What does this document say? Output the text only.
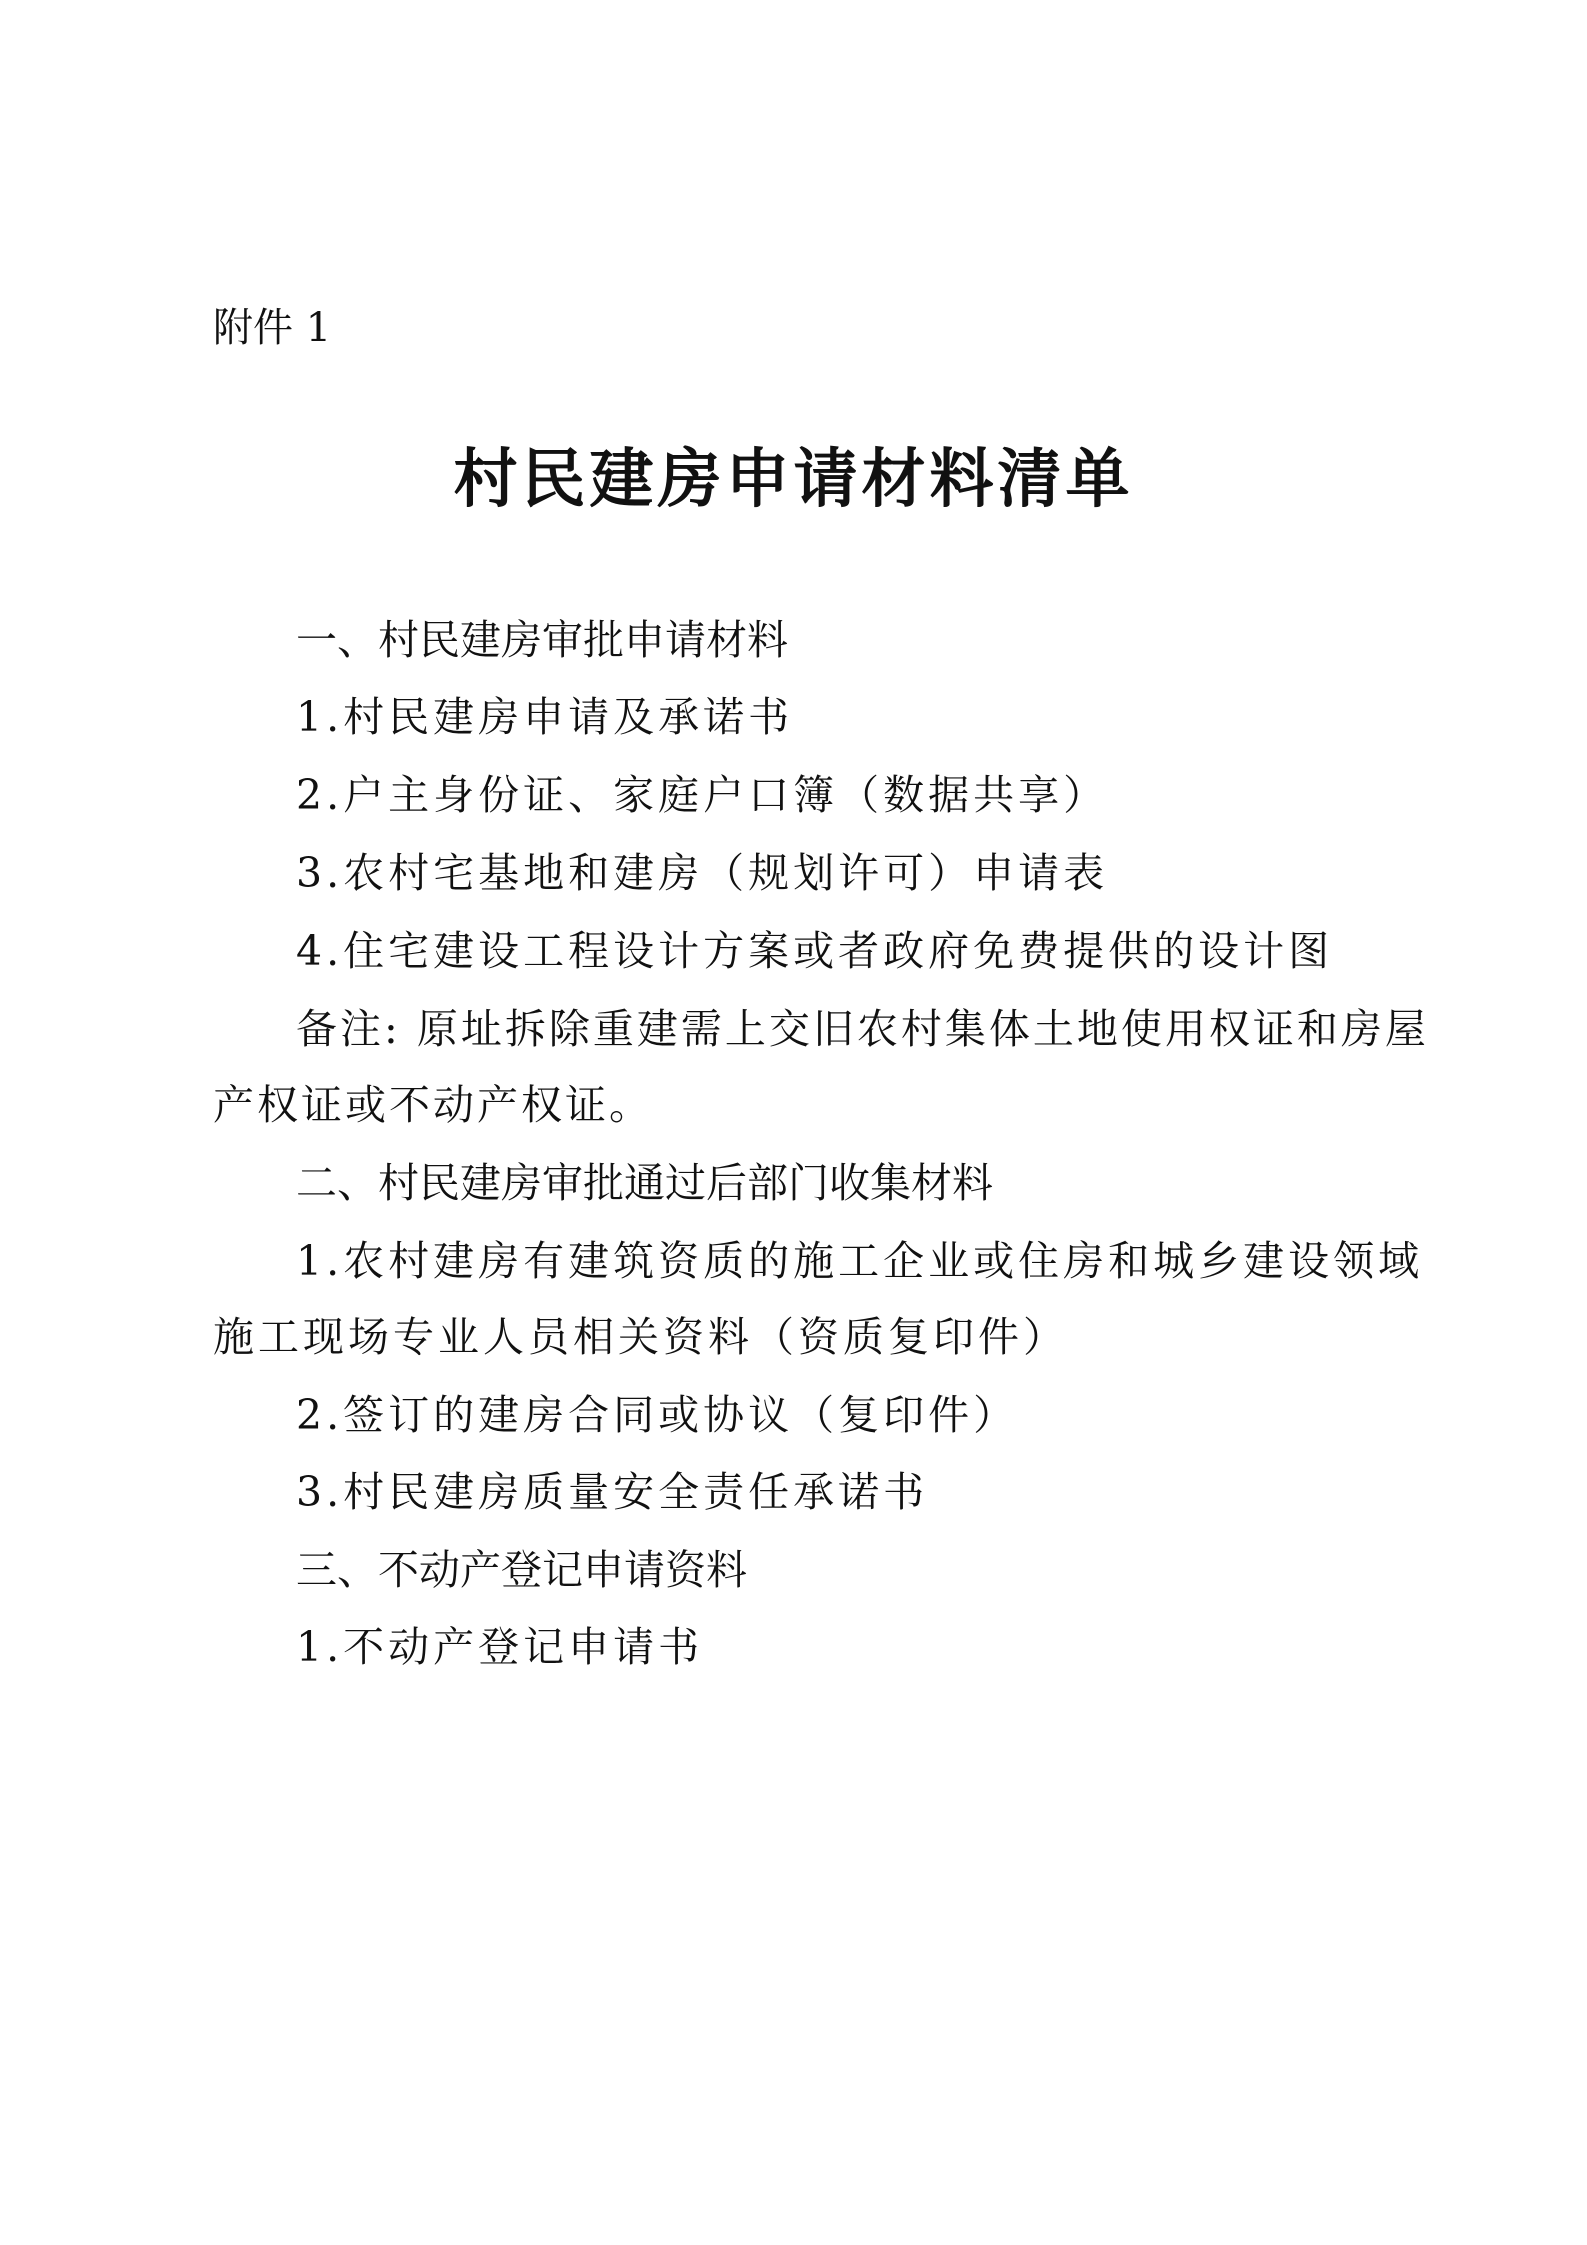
附件 1
村民建房申请材料清单
一、村民建房审批申请材料
1.村民建房申请及承诺书
2.户主身份证、家庭户口簿（数据共享）
3.农村宅基地和建房（规划许可）申请表
4.住宅建设工程设计方案或者政府免费提供的设计图
备注: 原址拆除重建需上交旧农村集体土地使用权证和房屋
产权证或不动产权证。
二、村民建房审批通过后部门收集材料
1.农村建房有建筑资质的施工企业或住房和城乡建设领域
施工现场专业人员相关资料（资质复印件）
2.签订的建房合同或协议（复印件）
3.村民建房质量安全责任承诺书
三、不动产登记申请资料
1.不动产登记申请书
